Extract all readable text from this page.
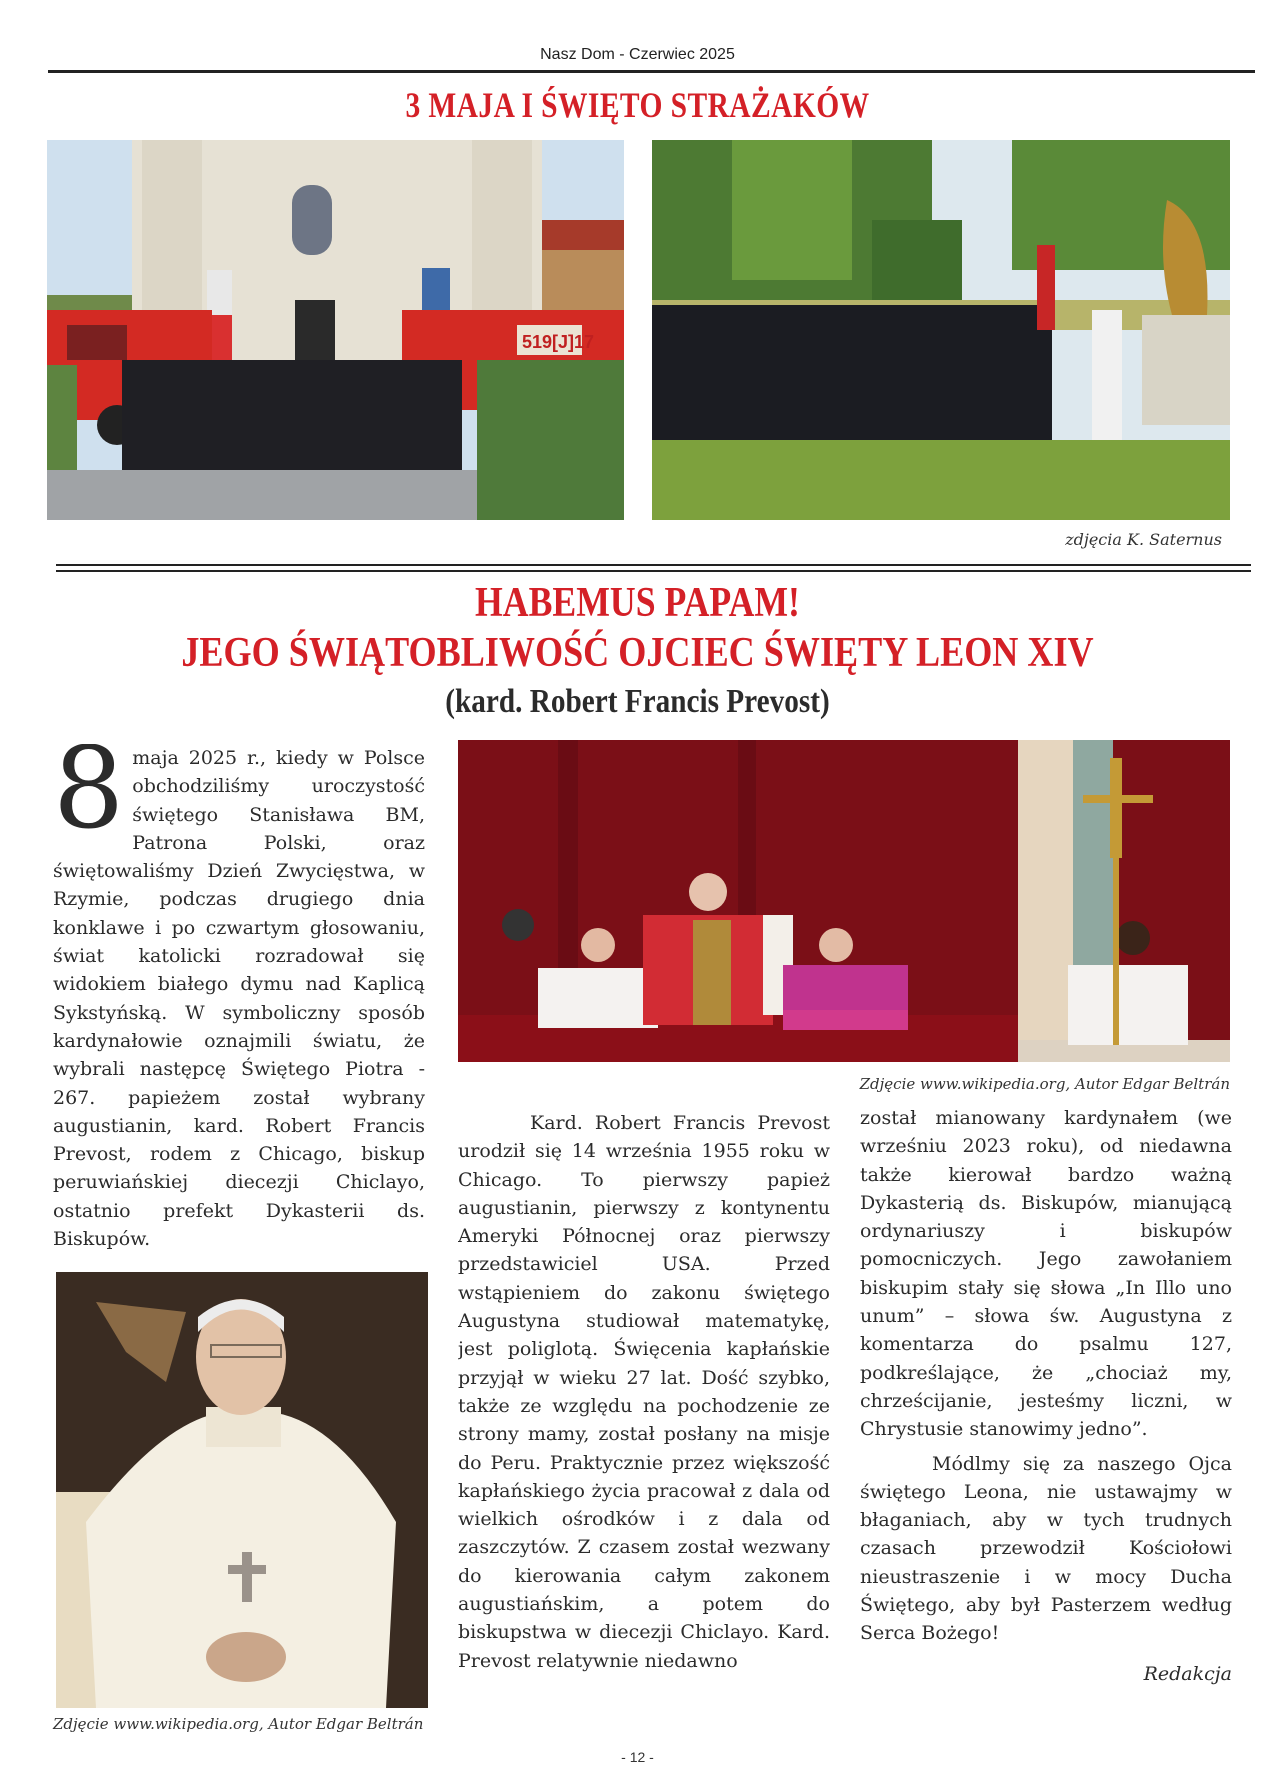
Nasz Dom - Czerwiec 2025
3 MAJA I ŚWIĘTO STRAŻAKÓW
519[J]17
zdjęcia K. Saternus
HABEMUS PAPAM!
JEGO ŚWIĄTOBLIWOŚĆ OJCIEC ŚWIĘTY LEON XIV
(kard. Robert Francis Prevost)
8 maja 2025 r., kiedy w Polsce obchodziliśmy uroczystość świętego Stanisława BM, Patrona Polski, oraz świętowaliśmy Dzień Zwycięstwa, w Rzymie, podczas drugiego dnia konklawe i po czwartym głosowaniu, świat katolicki rozradował się widokiem białego dymu nad Kaplicą Sykstyńską. W symboliczny sposób kardynałowie oznajmili światu, że wybrali następcę Świętego Piotra - 267. papieżem został wybrany augustianin, kard. Robert Francis Prevost, rodem z Chicago, biskup peruwiańskiej diecezji Chiclayo, ostatnio prefekt Dykasterii ds. Biskupów.
Zdjęcie www.wikipedia.org, Autor Edgar Beltrán

Kard. Robert Francis Prevost urodził się 14 września 1955 roku w Chicago. To pierwszy papież augustianin, pierwszy z kontynentu Ameryki Północnej oraz pierwszy przedstawiciel USA. Przed wstąpieniem do zakonu świętego Augustyna studiował matematykę, jest poliglotą. Święcenia kapłańskie przyjął w wieku 27 lat. Dość szybko, także ze względu na pochodzenie ze strony mamy, został posłany na misje do Peru. Praktycznie przez większość kapłańskiego życia pracował z dala od wielkich ośrodków i z dala od zaszczytów. Z czasem został wezwany do kierowania całym zakonem augustiańskim, a potem do biskupstwa w diecezji Chiclayo. Kard. Prevost relatywnie niedawno

został mianowany kardynałem (we wrześniu 2023 roku), od niedawna także kierował bardzo ważną Dykasterią ds. Biskupów, mianującą ordynariuszy i biskupów pomocniczych. Jego zawołaniem biskupim stały się słowa „In Illo uno unum” – słowa św. Augustyna z komentarza do psalmu 127, podkreślające, że „chociaż my, chrześcijanie, jesteśmy liczni, w Chrystusie stanowimy jedno”.

Módlmy się za naszego Ojca świętego Leona, nie ustawajmy w błaganiach, aby w tych trudnych czasach przewodził Kościołowi nieustraszenie i w mocy Ducha Świętego, aby był Pasterzem według Serca Bożego!

Redakcja

Zdjęcie www.wikipedia.org, Autor Edgar Beltrán
- 12 -
